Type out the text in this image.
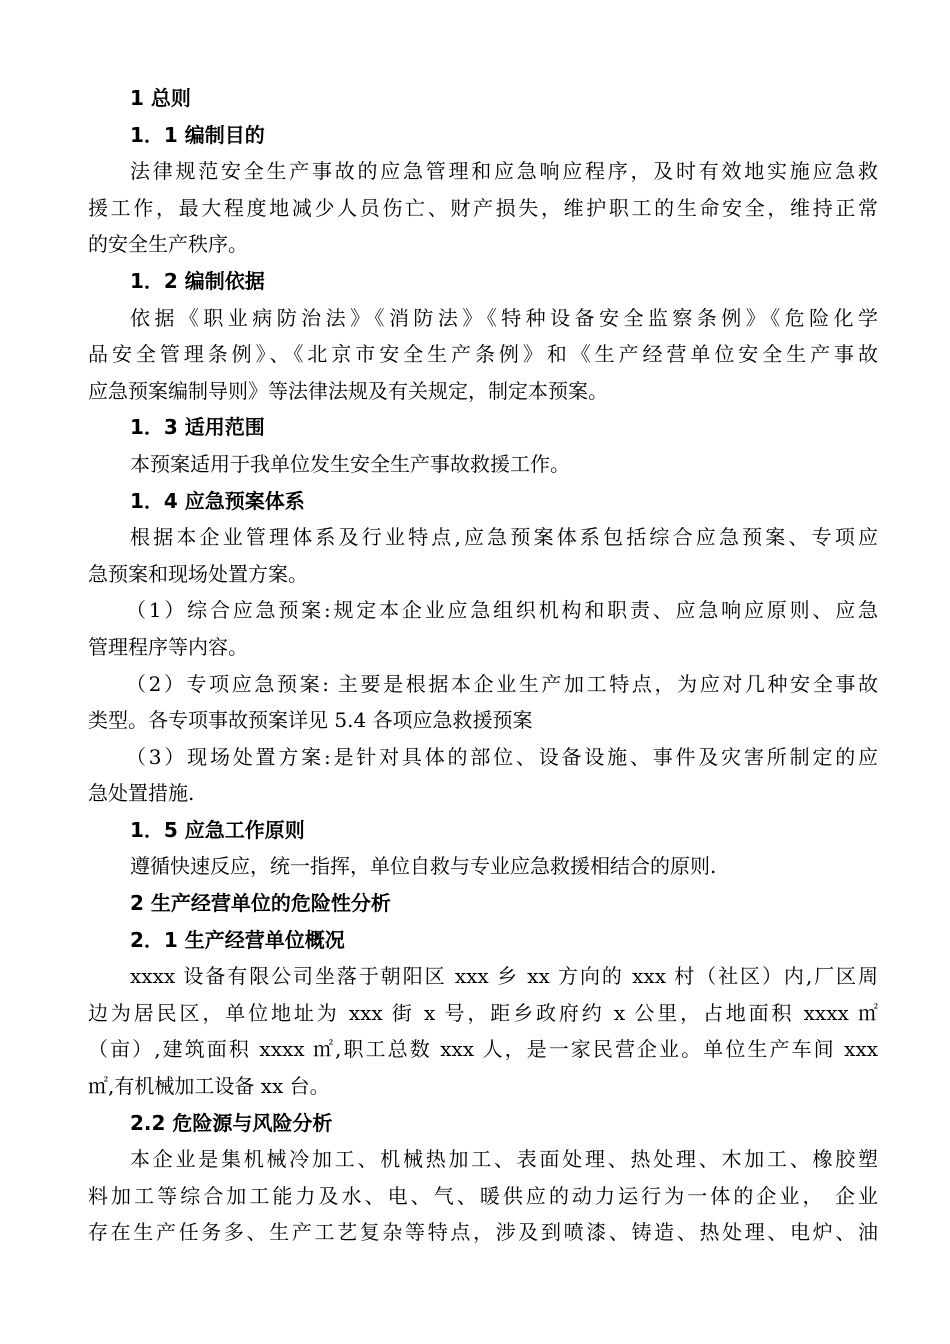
1 总则
1．1 编制目的
法律规范安全生产事故的应急管理和应急响应程序，及时有效地实施应急救
援工作，最大程度地减少人员伤亡、财产损失，维护职工的生命安全，维持正常
的安全生产秩序。
1．2 编制依据
依据《职业病防治法》《消防法》《特种设备安全监察条例》《危险化学
品安全管理条例》、《北京市安全生产条例》和《生产经营单位安全生产事故
应急预案编制导则》等法律法规及有关规定，制定本预案。
1．3 适用范围
本预案适用于我单位发生安全生产事故救援工作。
1．4 应急预案体系
根据本企业管理体系及行业特点,应急预案体系包括综合应急预案、专项应
急预案和现场处置方案。
（1）综合应急预案:规定本企业应急组织机构和职责、应急响应原则、应急
管理程序等内容。
（2）专项应急预案: 主要是根据本企业生产加工特点，为应对几种安全事故
类型。各专项事故预案详见 5.4 各项应急救援预案
（3）现场处置方案:是针对具体的部位、设备设施、事件及灾害所制定的应
急处置措施.
1．5 应急工作原则
遵循快速反应，统一指挥，单位自救与专业应急救援相结合的原则.
2 生产经营单位的危险性分析
2．1 生产经营单位概况
xxxx 设备有限公司坐落于朝阳区 xxx 乡 xx 方向的 xxx 村（社区）内,厂区周
边为居民区，单位地址为 xxx 街 x 号，距乡政府约 x 公里，占地面积 xxxx ㎡
（亩）,建筑面积 xxxx ㎡,职工总数 xxx 人，是一家民营企业。单位生产车间 xxx
㎡,有机械加工设备 xx 台。
2.2 危险源与风险分析
本企业是集机械冷加工、机械热加工、表面处理、热处理、木加工、橡胶塑
料加工等综合加工能力及水、电、气、暖供应的动力运行为一体的企业， 企业
存在生产任务多、生产工艺复杂等特点，涉及到喷漆、铸造、热处理、电炉、油
